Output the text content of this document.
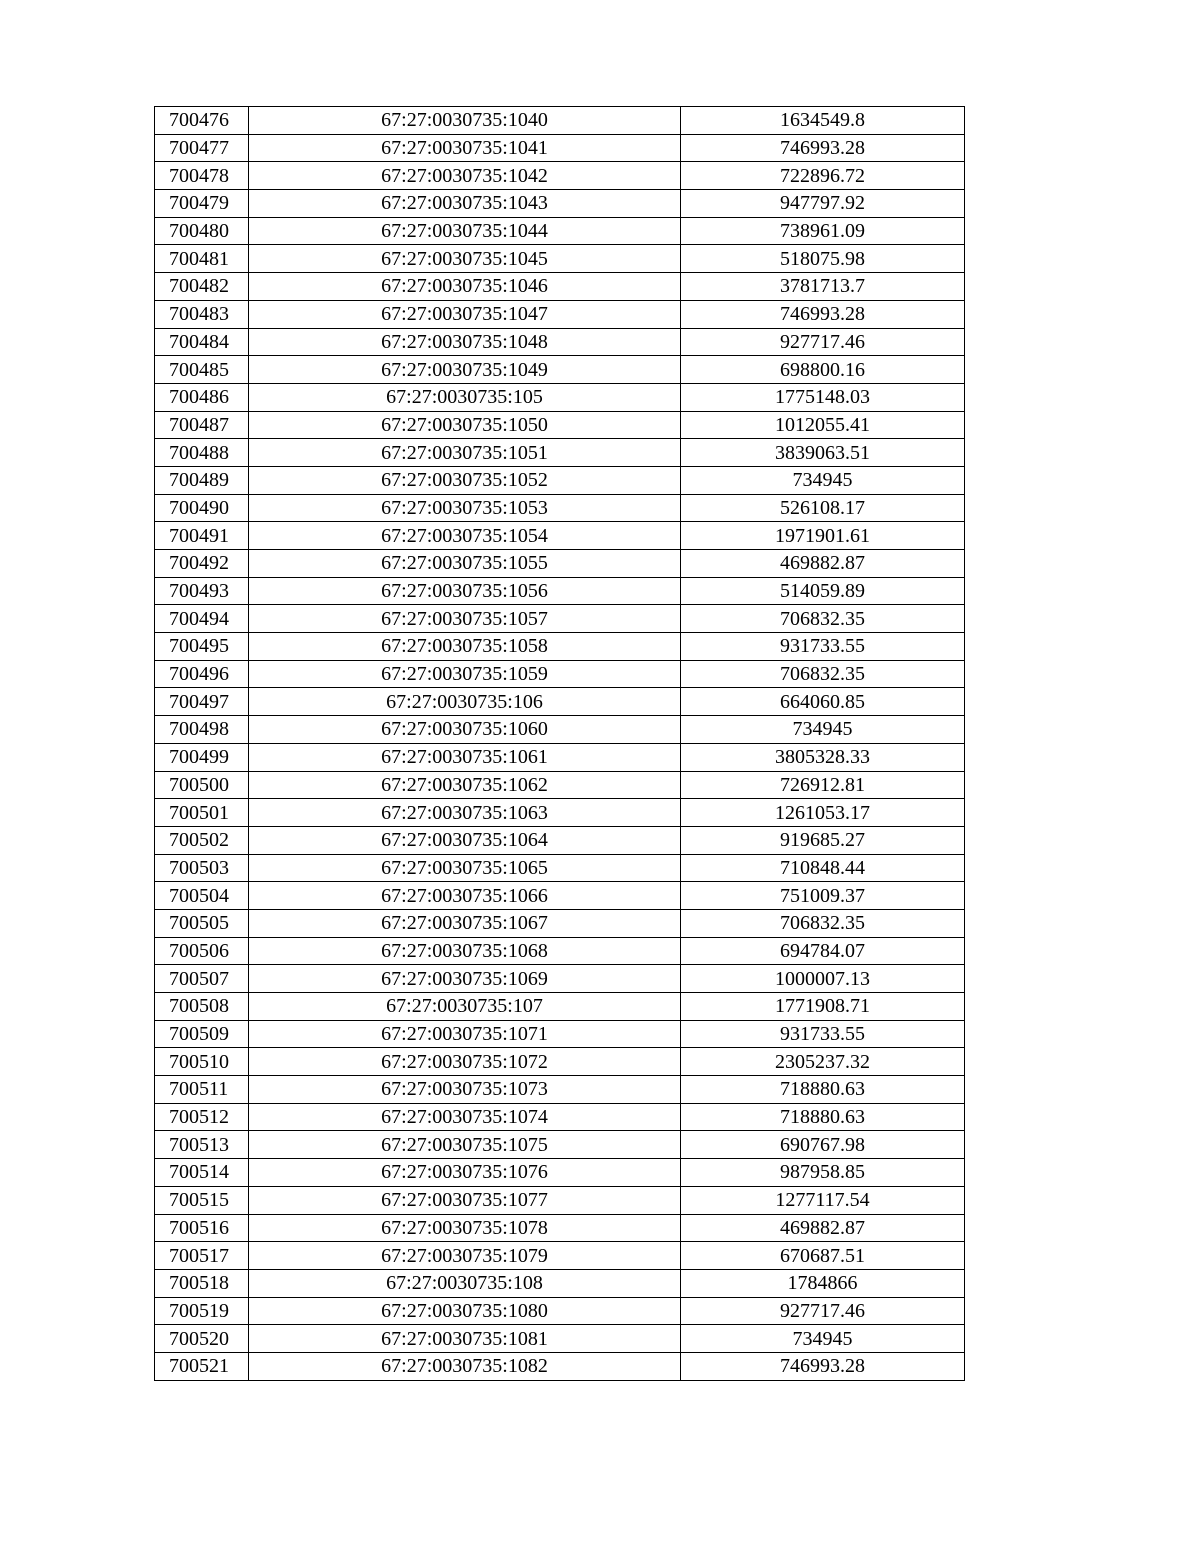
700476	67:27:0030735:1040	1634549.8
700477	67:27:0030735:1041	746993.28
700478	67:27:0030735:1042	722896.72
700479	67:27:0030735:1043	947797.92
700480	67:27:0030735:1044	738961.09
700481	67:27:0030735:1045	518075.98
700482	67:27:0030735:1046	3781713.7
700483	67:27:0030735:1047	746993.28
700484	67:27:0030735:1048	927717.46
700485	67:27:0030735:1049	698800.16
700486	67:27:0030735:105	1775148.03
700487	67:27:0030735:1050	1012055.41
700488	67:27:0030735:1051	3839063.51
700489	67:27:0030735:1052	734945
700490	67:27:0030735:1053	526108.17
700491	67:27:0030735:1054	1971901.61
700492	67:27:0030735:1055	469882.87
700493	67:27:0030735:1056	514059.89
700494	67:27:0030735:1057	706832.35
700495	67:27:0030735:1058	931733.55
700496	67:27:0030735:1059	706832.35
700497	67:27:0030735:106	664060.85
700498	67:27:0030735:1060	734945
700499	67:27:0030735:1061	3805328.33
700500	67:27:0030735:1062	726912.81
700501	67:27:0030735:1063	1261053.17
700502	67:27:0030735:1064	919685.27
700503	67:27:0030735:1065	710848.44
700504	67:27:0030735:1066	751009.37
700505	67:27:0030735:1067	706832.35
700506	67:27:0030735:1068	694784.07
700507	67:27:0030735:1069	1000007.13
700508	67:27:0030735:107	1771908.71
700509	67:27:0030735:1071	931733.55
700510	67:27:0030735:1072	2305237.32
700511	67:27:0030735:1073	718880.63
700512	67:27:0030735:1074	718880.63
700513	67:27:0030735:1075	690767.98
700514	67:27:0030735:1076	987958.85
700515	67:27:0030735:1077	1277117.54
700516	67:27:0030735:1078	469882.87
700517	67:27:0030735:1079	670687.51
700518	67:27:0030735:108	1784866
700519	67:27:0030735:1080	927717.46
700520	67:27:0030735:1081	734945
700521	67:27:0030735:1082	746993.28
